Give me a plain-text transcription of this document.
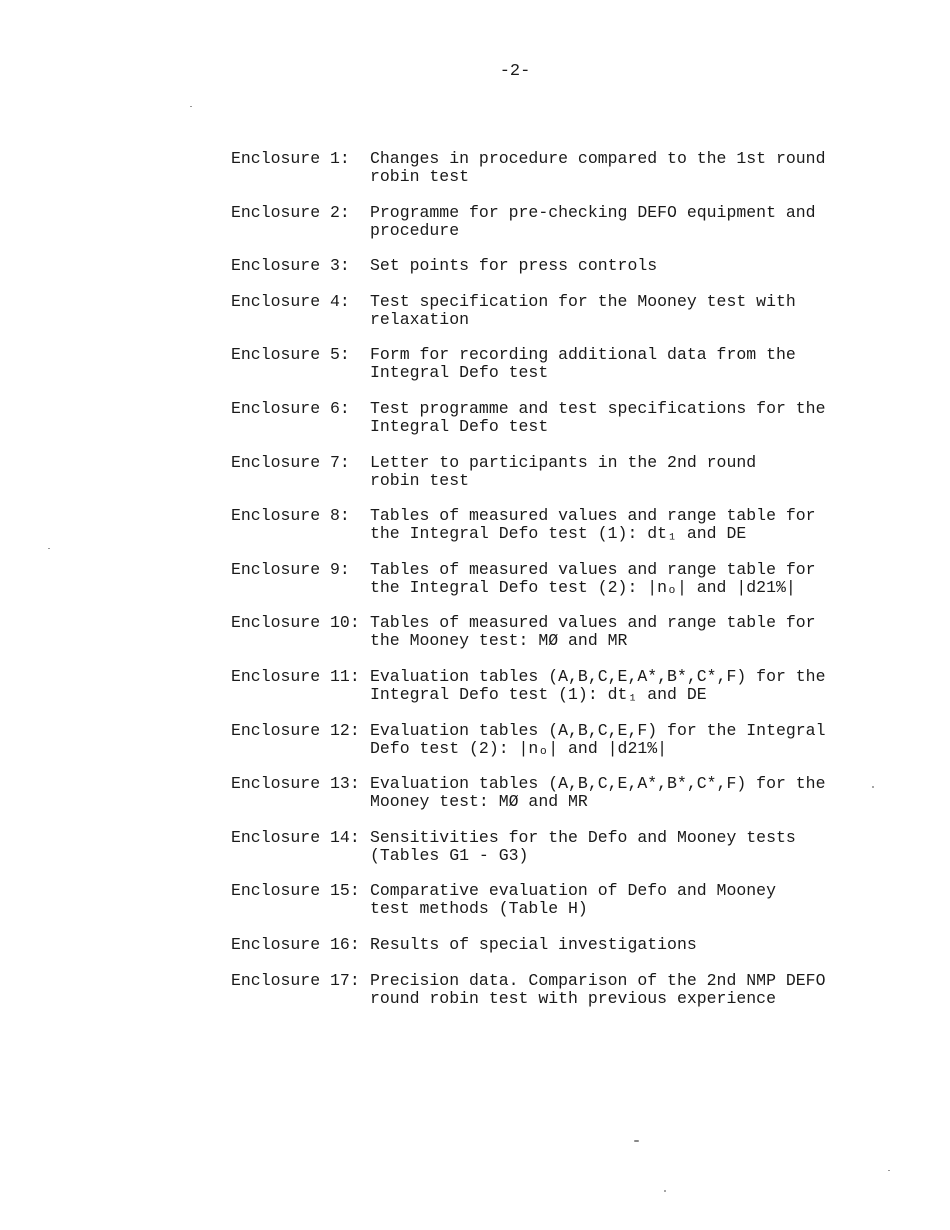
-2-
Enclosure 1:	Changes in procedure compared to the 1st round
robin test
Enclosure 2:	Programme for pre-checking DEFO equipment and
procedure
Enclosure 3:	Set points for press controls
Enclosure 4:	Test specification for the Mooney test with
relaxation
Enclosure 5:	Form for recording additional data from the
Integral Defo test
Enclosure 6:	Test programme and test specifications for the
Integral Defo test
Enclosure 7:	Letter to participants in the 2nd round
robin test
Enclosure 8:	Tables of measured values and range table for
the Integral Defo test (1): dt₁ and DE
Enclosure 9:	Tables of measured values and range table for
the Integral Defo test (2): |nₒ| and |d21%|
Enclosure 10: Tables of measured values and range table for
the Mooney test: MØ and MR
Enclosure 11: Evaluation tables (A,B,C,E,A*,B*,C*,F) for the
Integral Defo test (1): dt₁ and DE
Enclosure 12: Evaluation tables (A,B,C,E,F) for the Integral
Defo test (2): |nₒ| and |d21%|
Enclosure 13: Evaluation tables (A,B,C,E,A*,B*,C*,F) for the
Mooney test: MØ and MR
Enclosure 14: Sensitivities for the Defo and Mooney tests
(Tables G1 - G3)
Enclosure 15: Comparative evaluation of Defo and Mooney
test methods (Table H)
Enclosure 16: Results of special investigations
Enclosure 17: Precision data. Comparison of the 2nd NMP DEFO
round robin test with previous experience
